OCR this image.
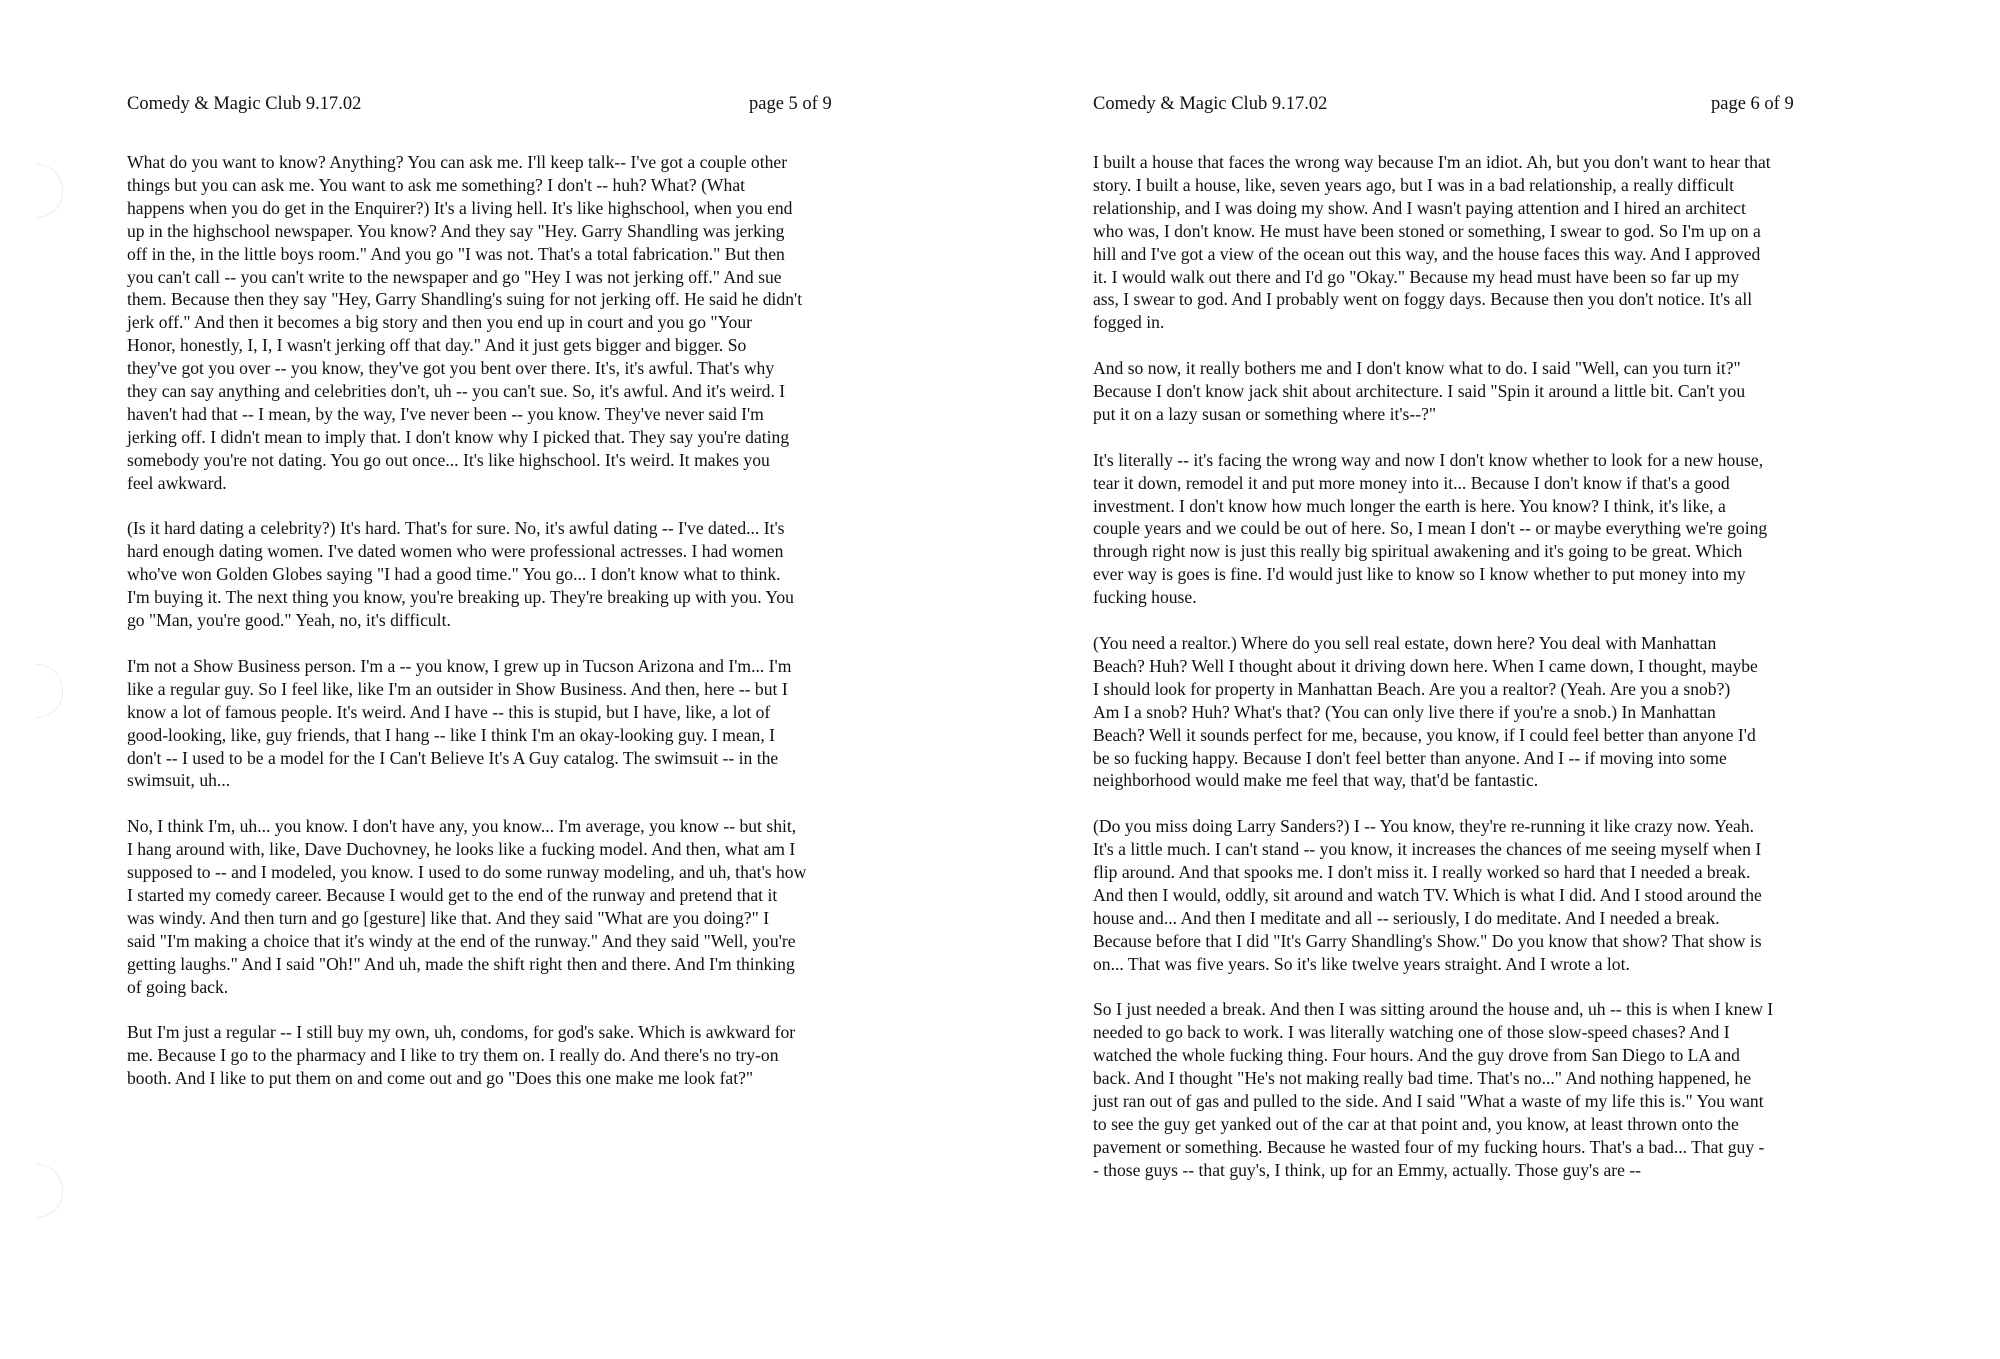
Comedy & Magic Club 9.17.02	page 5 of 9
What do you want to know? Anything? You can ask me. I'll keep talk-- I've got a couple other
things but you can ask me. You want to ask me something? I don't -- huh? What? (What
happens when you do get in the Enquirer?) It's a living hell. It's like highschool, when you end
up in the highschool newspaper. You know? And they say "Hey. Garry Shandling was jerking
off in the, in the little boys room." And you go "I was not. That's a total fabrication." But then
you can't call -- you can't write to the newspaper and go "Hey I was not jerking off." And sue
them. Because then they say "Hey, Garry Shandling's suing for not jerking off. He said he didn't
jerk off." And then it becomes a big story and then you end up in court and you go "Your
Honor, honestly, I, I, I wasn't jerking off that day." And it just gets bigger and bigger. So
they've got you over -- you know, they've got you bent over there. It's, it's awful. That's why
they can say anything and celebrities don't, uh -- you can't sue. So, it's awful. And it's weird. I
haven't had that -- I mean, by the way, I've never been -- you know. They've never said I'm
jerking off. I didn't mean to imply that. I don't know why I picked that. They say you're dating
somebody you're not dating. You go out once... It's like highschool. It's weird. It makes you
feel awkward.
(Is it hard dating a celebrity?) It's hard. That's for sure. No, it's awful dating -- I've dated... It's
hard enough dating women. I've dated women who were professional actresses. I had women
who've won Golden Globes saying "I had a good time." You go... I don't know what to think.
I'm buying it. The next thing you know, you're breaking up. They're breaking up with you. You
go "Man, you're good." Yeah, no, it's difficult.
I'm not a Show Business person. I'm a -- you know, I grew up in Tucson Arizona and I'm... I'm
like a regular guy. So I feel like, like I'm an outsider in Show Business. And then, here -- but I
know a lot of famous people. It's weird. And I have -- this is stupid, but I have, like, a lot of
good-looking, like, guy friends, that I hang -- like I think I'm an okay-looking guy. I mean, I
don't -- I used to be a model for the I Can't Believe It's A Guy catalog. The swimsuit -- in the
swimsuit, uh...
No, I think I'm, uh... you know. I don't have any, you know... I'm average, you know -- but shit,
I hang around with, like, Dave Duchovney, he looks like a fucking model. And then, what am I
supposed to -- and I modeled, you know. I used to do some runway modeling, and uh, that's how
I started my comedy career. Because I would get to the end of the runway and pretend that it
was windy. And then turn and go [gesture] like that. And they said "What are you doing?" I
said "I'm making a choice that it's windy at the end of the runway." And they said "Well, you're
getting laughs." And I said "Oh!" And uh, made the shift right then and there. And I'm thinking
of going back.
But I'm just a regular -- I still buy my own, uh, condoms, for god's sake. Which is awkward for
me. Because I go to the pharmacy and I like to try them on. I really do. And there's no try-on
booth. And I like to put them on and come out and go "Does this one make me look fat?"
Comedy & Magic Club 9.17.02	page 6 of 9
I built a house that faces the wrong way because I'm an idiot. Ah, but you don't want to hear that
story. I built a house, like, seven years ago, but I was in a bad relationship, a really difficult
relationship, and I was doing my show. And I wasn't paying attention and I hired an architect
who was, I don't know. He must have been stoned or something, I swear to god. So I'm up on a
hill and I've got a view of the ocean out this way, and the house faces this way. And I approved
it. I would walk out there and I'd go "Okay." Because my head must have been so far up my
ass, I swear to god. And I probably went on foggy days. Because then you don't notice. It's all
fogged in.
And so now, it really bothers me and I don't know what to do. I said "Well, can you turn it?"
Because I don't know jack shit about architecture. I said "Spin it around a little bit. Can't you
put it on a lazy susan or something where it's--?"
It's literally -- it's facing the wrong way and now I don't know whether to look for a new house,
tear it down, remodel it and put more money into it... Because I don't know if that's a good
investment. I don't know how much longer the earth is here. You know? I think, it's like, a
couple years and we could be out of here. So, I mean I don't -- or maybe everything we're going
through right now is just this really big spiritual awakening and it's going to be great. Which
ever way is goes is fine. I'd would just like to know so I know whether to put money into my
fucking house.
(You need a realtor.) Where do you sell real estate, down here? You deal with Manhattan
Beach? Huh? Well I thought about it driving down here. When I came down, I thought, maybe
I should look for property in Manhattan Beach. Are you a realtor? (Yeah. Are you a snob?)
Am I a snob? Huh? What's that? (You can only live there if you're a snob.) In Manhattan
Beach? Well it sounds perfect for me, because, you know, if I could feel better than anyone I'd
be so fucking happy. Because I don't feel better than anyone. And I -- if moving into some
neighborhood would make me feel that way, that'd be fantastic.
(Do you miss doing Larry Sanders?) I -- You know, they're re-running it like crazy now. Yeah.
It's a little much. I can't stand -- you know, it increases the chances of me seeing myself when I
flip around. And that spooks me. I don't miss it. I really worked so hard that I needed a break.
And then I would, oddly, sit around and watch TV. Which is what I did. And I stood around the
house and... And then I meditate and all -- seriously, I do meditate. And I needed a break.
Because before that I did "It's Garry Shandling's Show." Do you know that show? That show is
on... That was five years. So it's like twelve years straight. And I wrote a lot.
So I just needed a break. And then I was sitting around the house and, uh -- this is when I knew I
needed to go back to work. I was literally watching one of those slow-speed chases? And I
watched the whole fucking thing. Four hours. And the guy drove from San Diego to LA and
back. And I thought "He's not making really bad time. That's no..." And nothing happened, he
just ran out of gas and pulled to the side. And I said "What a waste of my life this is." You want
to see the guy get yanked out of the car at that point and, you know, at least thrown onto the
pavement or something. Because he wasted four of my fucking hours. That's a bad... That guy -
- those guys -- that guy's, I think, up for an Emmy, actually. Those guy's are --
